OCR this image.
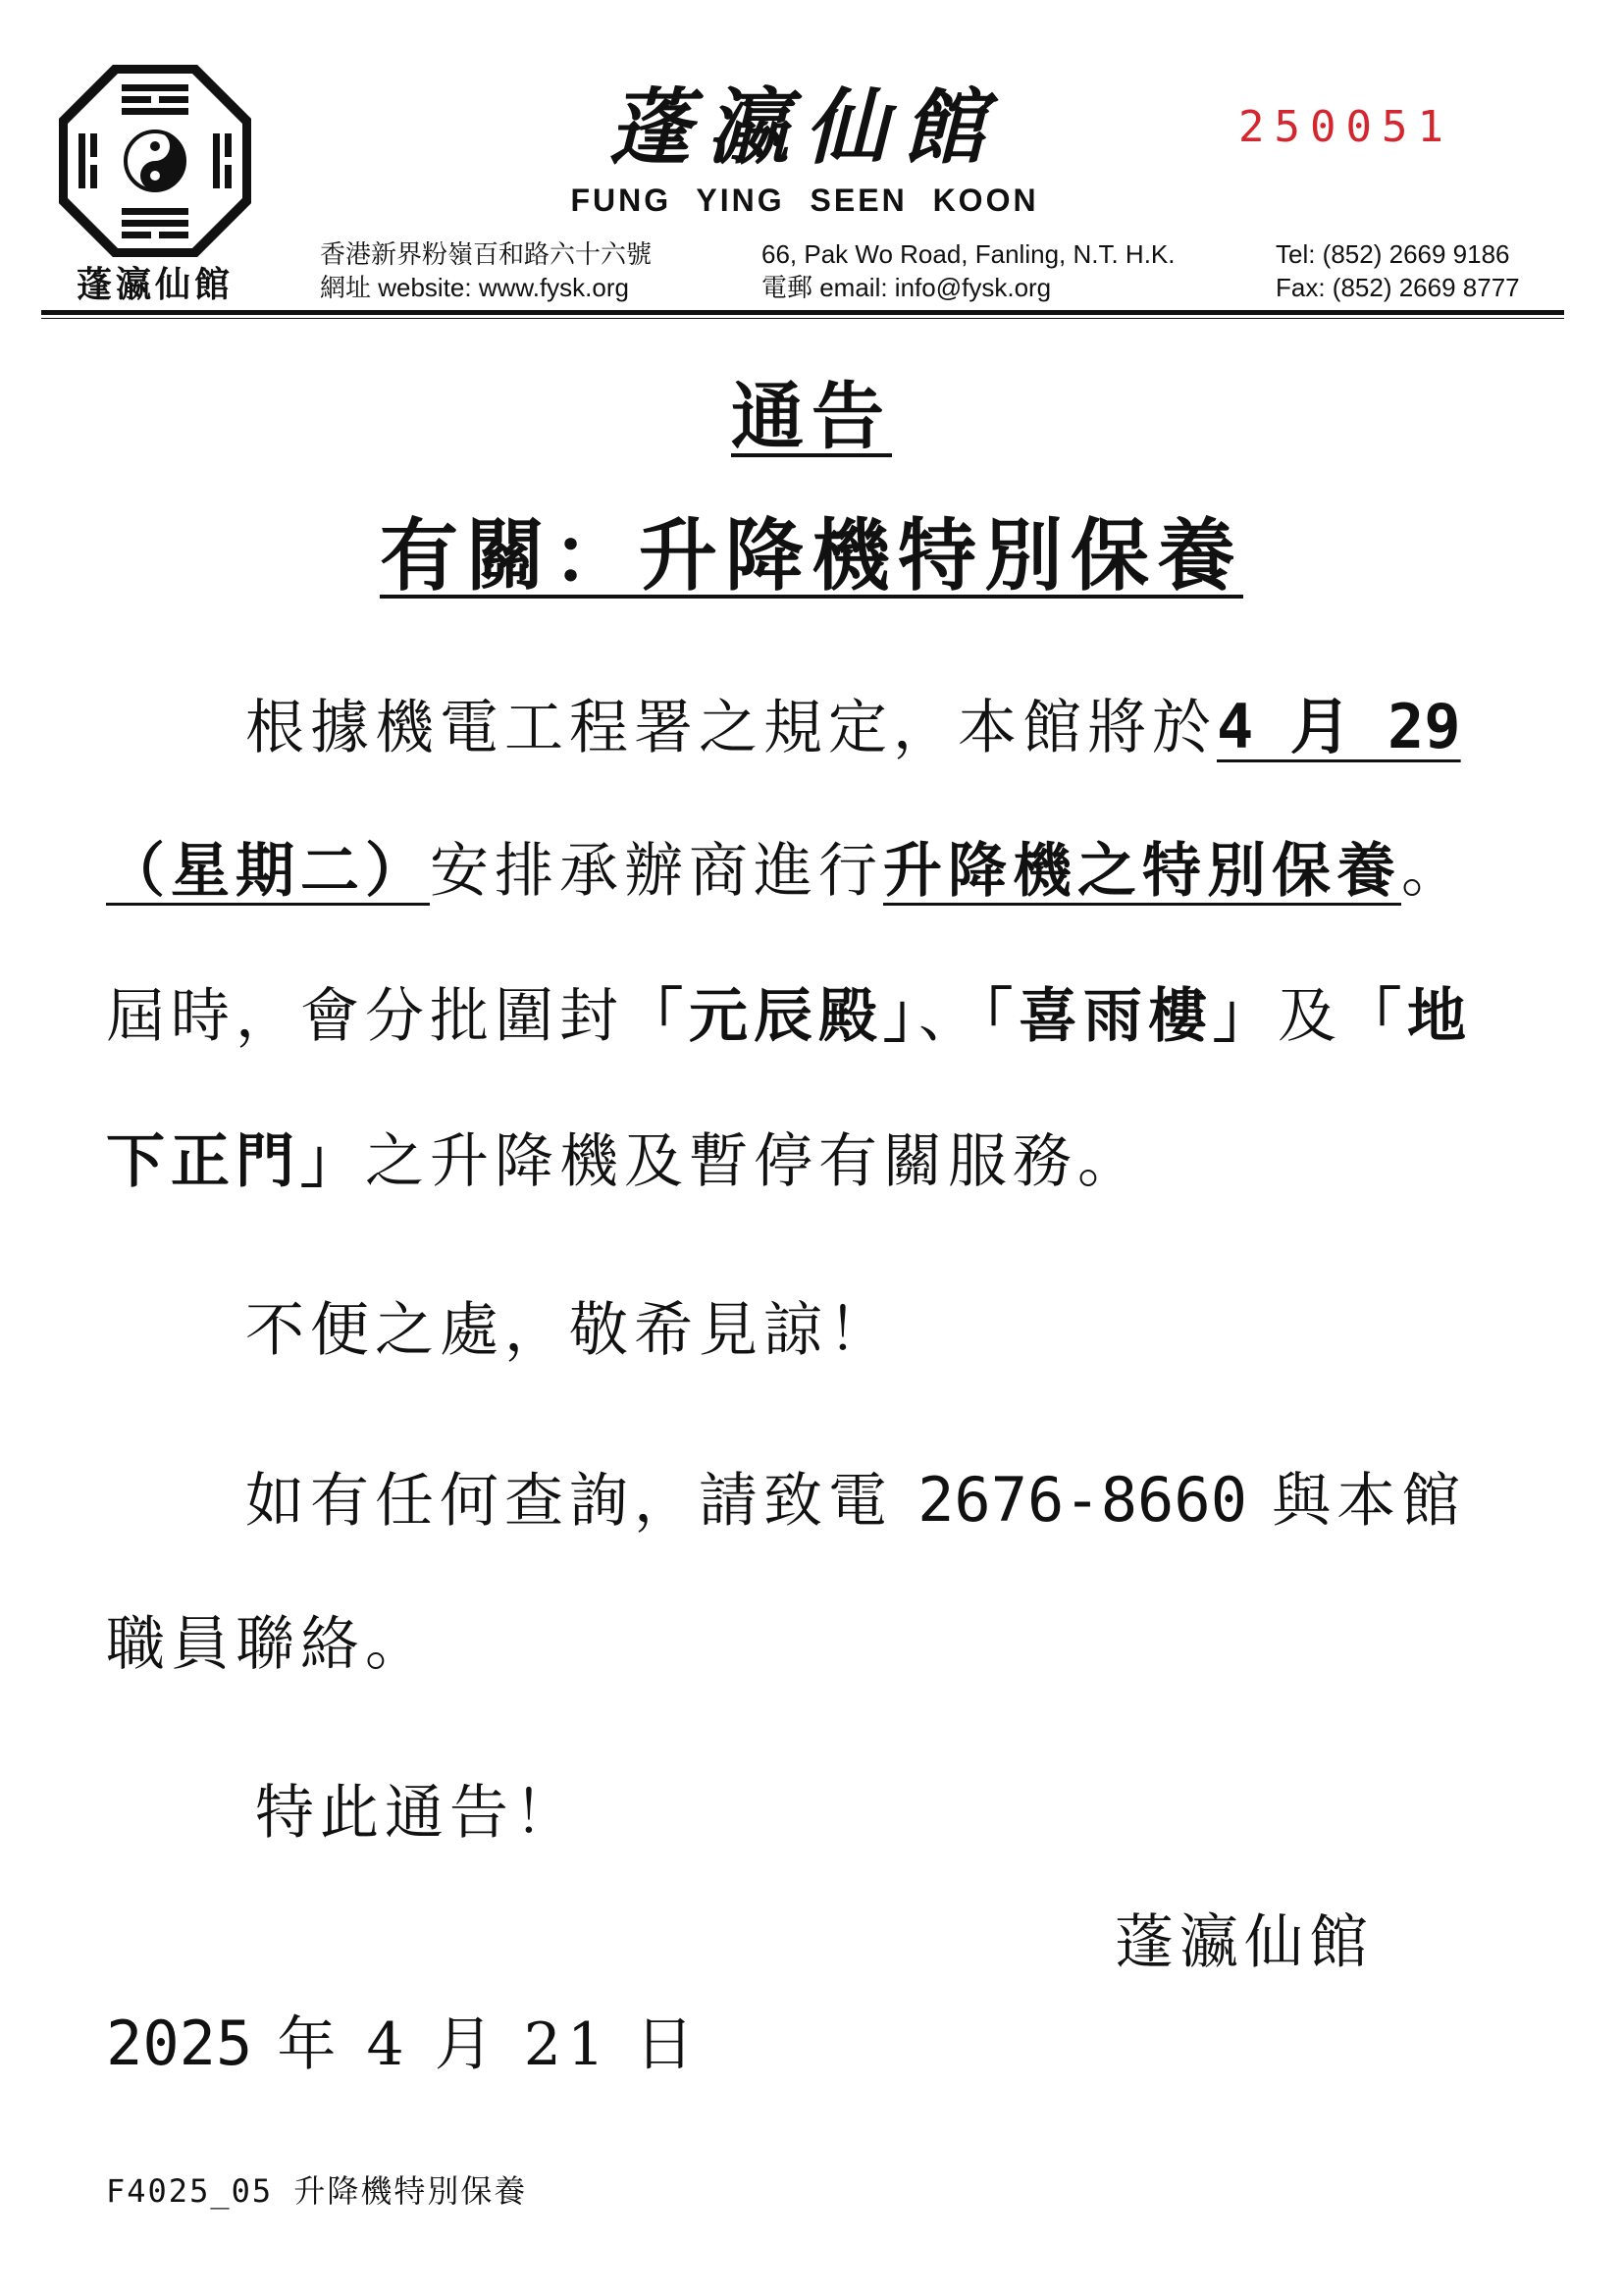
蓬瀛仙館
蓬瀛仙館
FUNG YING SEEN KOON
250051
香港新界粉嶺百和路六十六號
網址 website: www.fysk.org
66, Pak Wo Road, Fanling, N.T. H.K.
電郵 email: info@fysk.org
Tel: (852) 2669 9186
Fax: (852) 2669 8777
通告
有關：升降機特別保養
根據機電工程署之規定，本館將於4 月 29
（星期二）安排承辦商進行升降機之特別保養。
屆時，會分批圍封「元辰殿」、「喜雨樓」及「地
下正門」之升降機及暫停有關服務。
不便之處，敬希見諒！
如有任何查詢，請致電 2676-8660 與本館
職員聯絡。
特此通告！
蓬瀛仙館
2025 年 4 月 21 日
F4025_05 升降機特別保養
